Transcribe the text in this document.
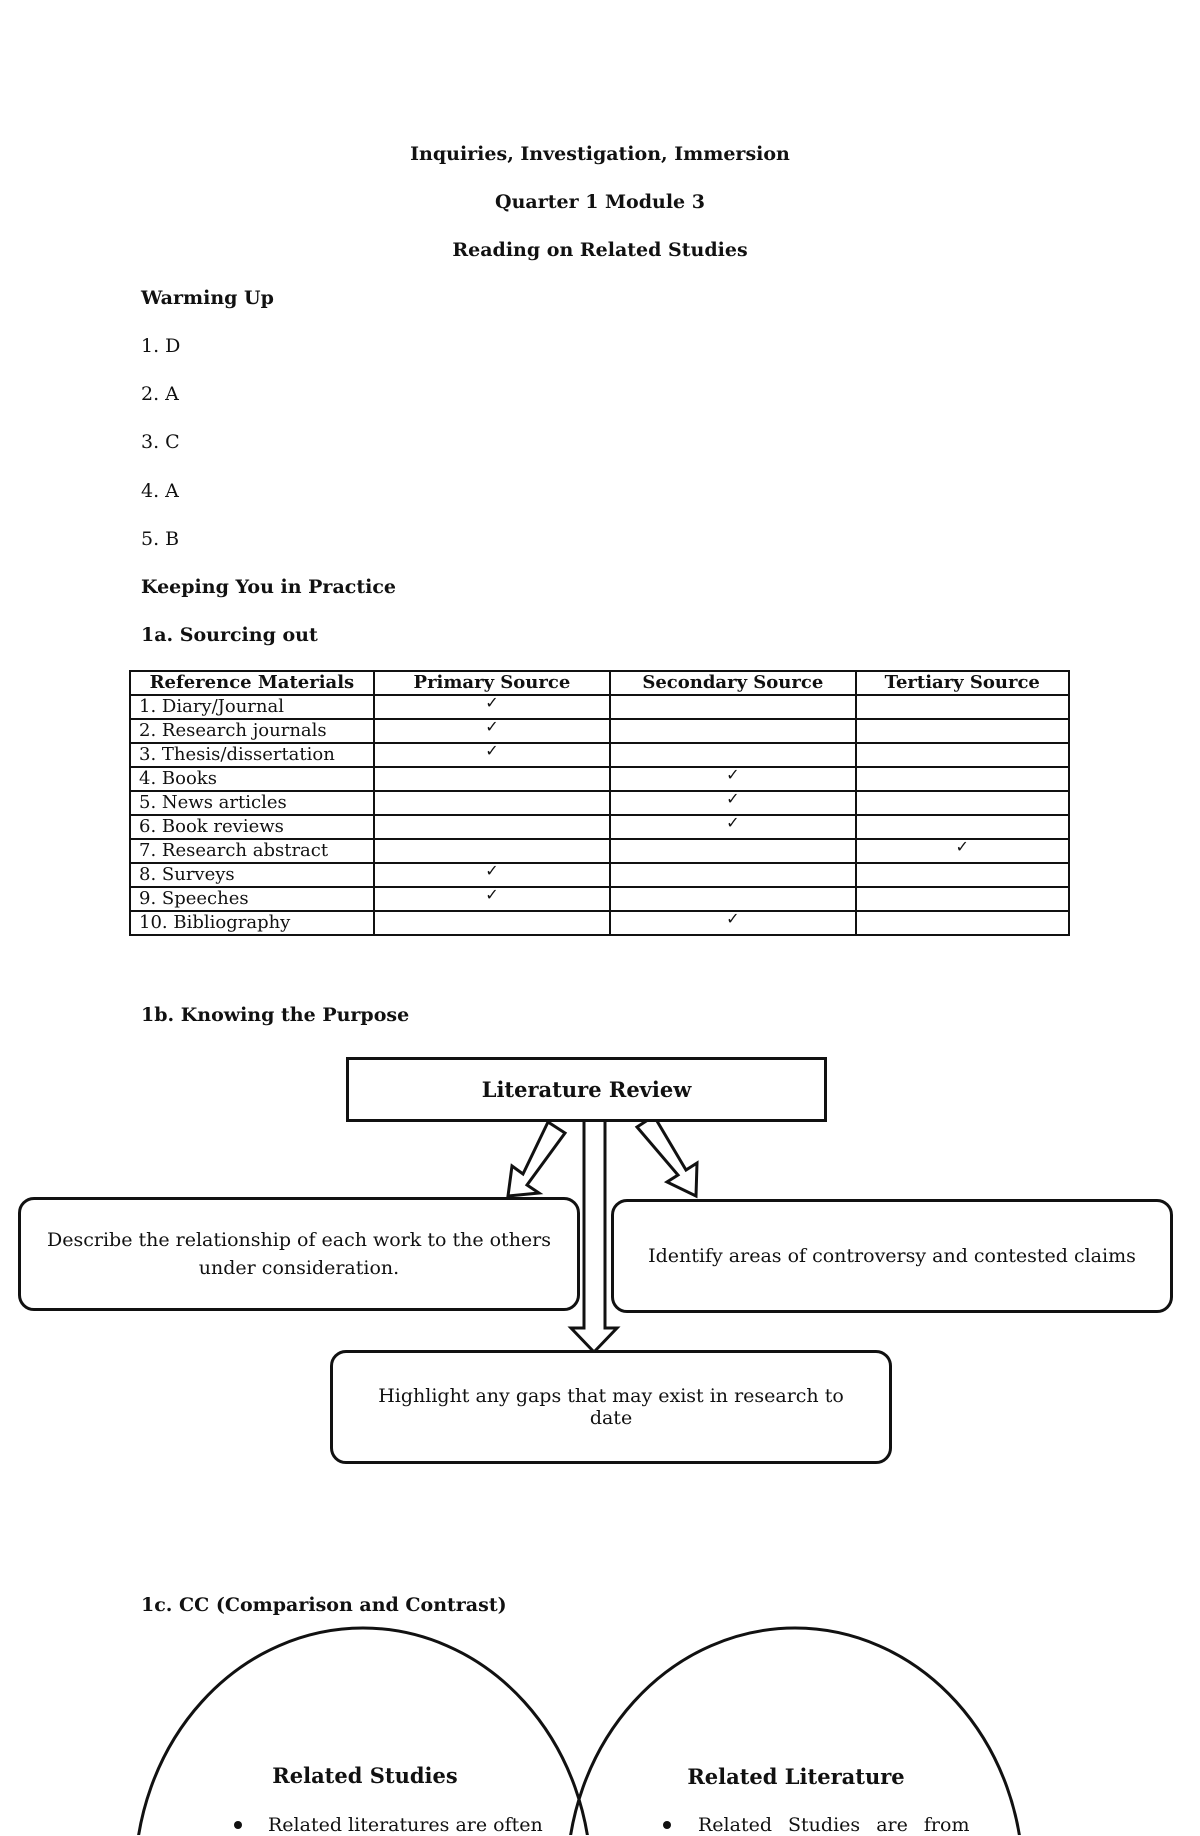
Inquiries, Investigation, Immersion
Quarter 1 Module 3
Reading on Related Studies
Warming Up
1. D
2. A
3. C
4. A
5. B
Keeping You in Practice
1a. Sourcing out
Reference Materials	Primary Source	Secondary Source	Tertiary Source
1. Diary/Journal	✓		
2. Research journals	✓		
3. Thesis/dissertation	✓		
4. Books		✓	
5. News articles		✓	
6. Book reviews		✓	
7. Research abstract			✓
8. Surveys	✓		
9. Speeches	✓		
10. Bibliography		✓	
1b. Knowing the Purpose
Literature Review
Describe the relationship of each work to the others under consideration.
Identify areas of controversy and contested claims
Highlight any gaps that may exist in research to date
1c. CC (Comparison and Contrast)
Related Studies	Related Literature
Related literatures are often	Related Studies are from
